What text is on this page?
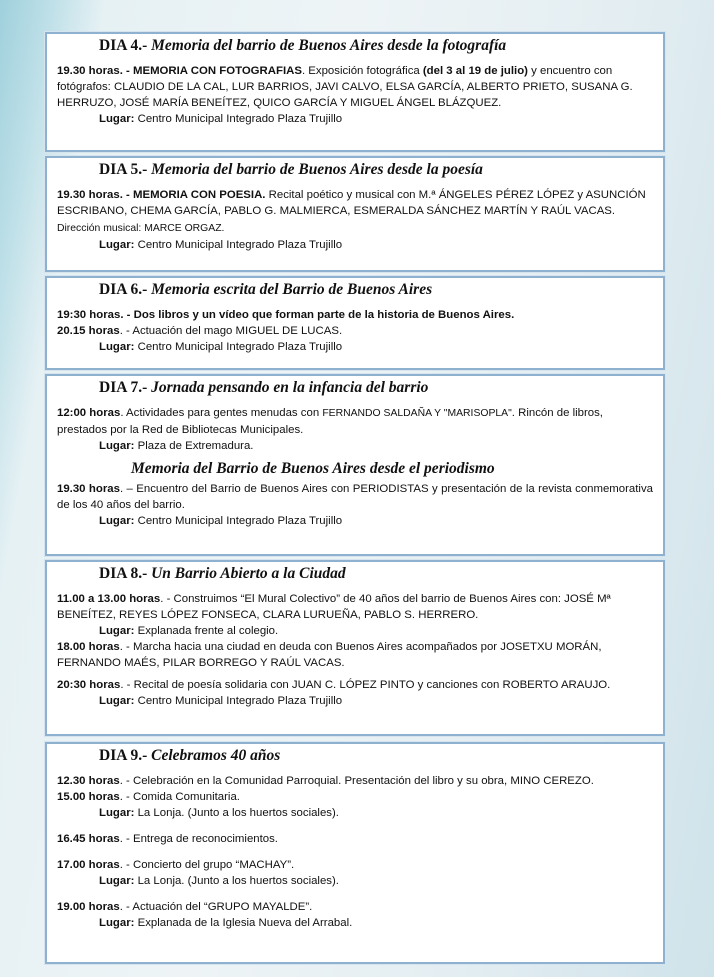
DIA 4.- Memoria del barrio de Buenos Aires desde la fotografía

19.30 horas. - MEMORIA CON FOTOGRAFIAS. Exposición fotográfica (del 3 al 19 de julio) y encuentro con fotógrafos: CLAUDIO DE LA CAL, LUR BARRIOS, JAVI CALVO, ELSA GARCÍA, ALBERTO PRIETO, SUSANA G. HERRUZO, JOSÉ MARÍA BENEÍTEZ, QUICO GARCÍA Y MIGUEL ÁNGEL BLÁZQUEZ.

Lugar: Centro Municipal Integrado Plaza Trujillo

DIA 5.- Memoria del barrio de Buenos Aires desde la poesía

19.30 horas. - MEMORIA CON POESIA. Recital poético y musical con M.ª ÁNGELES PÉREZ LÓPEZ y ASUNCIÓN ESCRIBANO, CHEMA GARCÍA, PABLO G. MALMIERCA, ESMERALDA SÁNCHEZ MARTÍN Y RAÚL VACAS. Dirección musical: MARCE ORGAZ.

Lugar: Centro Municipal Integrado Plaza Trujillo

DIA 6.- Memoria escrita del Barrio de Buenos Aires

19:30 horas. - Dos libros y un vídeo que forman parte de la historia de Buenos Aires.

20.15 horas. - Actuación del mago MIGUEL DE LUCAS.

Lugar: Centro Municipal Integrado Plaza Trujillo

DIA 7.- Jornada pensando en la infancia del barrio

12:00 horas. Actividades para gentes menudas con FERNANDO SALDAÑA Y "MARISOPLA". Rincón de libros, prestados por la Red de Bibliotecas Municipales.

Lugar: Plaza de Extremadura.

Memoria del Barrio de Buenos Aires desde el periodismo

19.30 horas. – Encuentro del Barrio de Buenos Aires con PERIODISTAS y presentación de la revista conmemorativa de los 40 años del barrio.

Lugar: Centro Municipal Integrado Plaza Trujillo

DIA 8.- Un Barrio Abierto a la Ciudad

11.00 a 13.00 horas. - Construimos “El Mural Colectivo” de 40 años del barrio de Buenos Aires con: JOSÉ Mª BENEÍTEZ, REYES LÓPEZ FONSECA, CLARA LURUEÑA, PABLO S. HERRERO.

Lugar: Explanada frente al colegio.

18.00 horas. - Marcha hacia una ciudad en deuda con Buenos Aires acompañados por JOSETXU MORÁN, FERNANDO MAÉS, PILAR BORREGO Y RAÚL VACAS.

20:30 horas. - Recital de poesía solidaria con JUAN C. LÓPEZ PINTO y canciones con ROBERTO ARAUJO.

Lugar: Centro Municipal Integrado Plaza Trujillo

DIA 9.- Celebramos 40 años

12.30 horas. - Celebración en la Comunidad Parroquial. Presentación del libro y su obra, MINO CEREZO.

15.00 horas. - Comida Comunitaria.

Lugar: La Lonja. (Junto a los huertos sociales).

16.45 horas. - Entrega de reconocimientos.

17.00 horas. - Concierto del grupo “MACHAY”.

Lugar: La Lonja. (Junto a los huertos sociales).

19.00 horas. - Actuación del “GRUPO MAYALDE”.

Lugar: Explanada de la Iglesia Nueva del Arrabal.
